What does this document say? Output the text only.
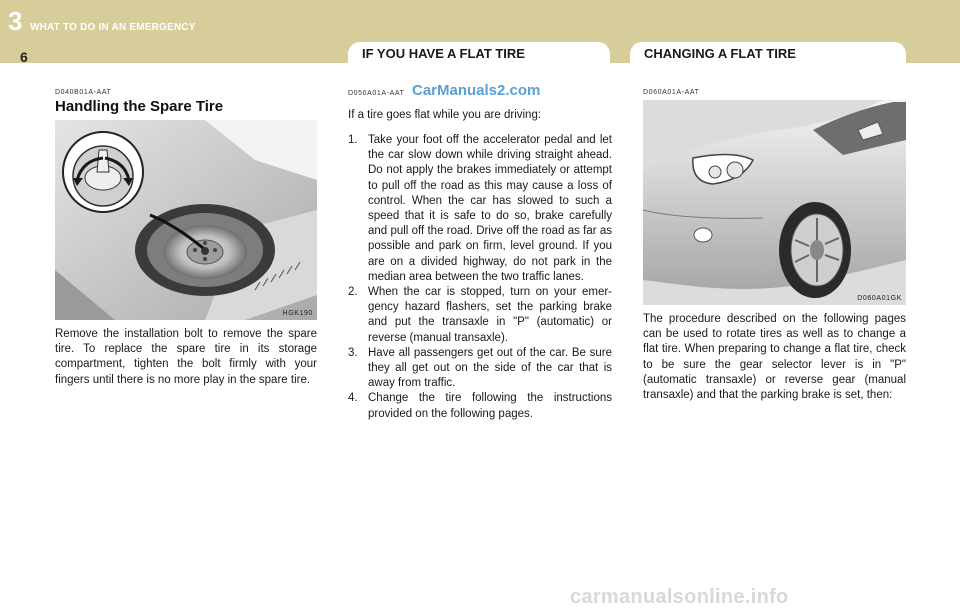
3 WHAT TO DO IN AN EMERGENCY
6	IF YOU HAVE A FLAT TIRE	CHANGING A FLAT TIRE
D040B01A-AAT
Handling the Spare Tire
HGK190
Remove the installation bolt to remove the spare tire. To replace the spare tire in its storage compartment, tighten the bolt firmly with your fingers until there is no more play in the spare tire.
D050A01A-AAT CarManuals2.com
If a tire goes flat while you are driving:
1. Take your foot off the accelerator pedal and let the car slow down while driving straight ahead. Do not apply the brakes immediately or attempt to pull off the road as this may cause a loss of control. When the car has slowed to such a speed that it is safe to do so, brake carefully and pull off the road. Drive off the road as far as possible and park on firm, level ground. If you are on a divided highway, do not park in the median area between the two traffic lanes.
2. When the car is stopped, turn on your emer-gency hazard flashers, set the parking brake and put the transaxle in "P" (automatic) or reverse (manual transaxle).
3. Have all passengers get out of the car. Be sure they all get out on the side of the car that is away from traffic.
4. Change the tire following the instructions provided on the following pages.
D060A01A-AAT
D060A01GK
The procedure described on the following pages can be used to rotate tires as well as to change a flat tire. When preparing to change a flat tire, check to be sure the gear selector lever is in "P" (automatic transaxle) or reverse gear (manual transaxle) and that the parking brake is set, then:
carmanualsonline.info
